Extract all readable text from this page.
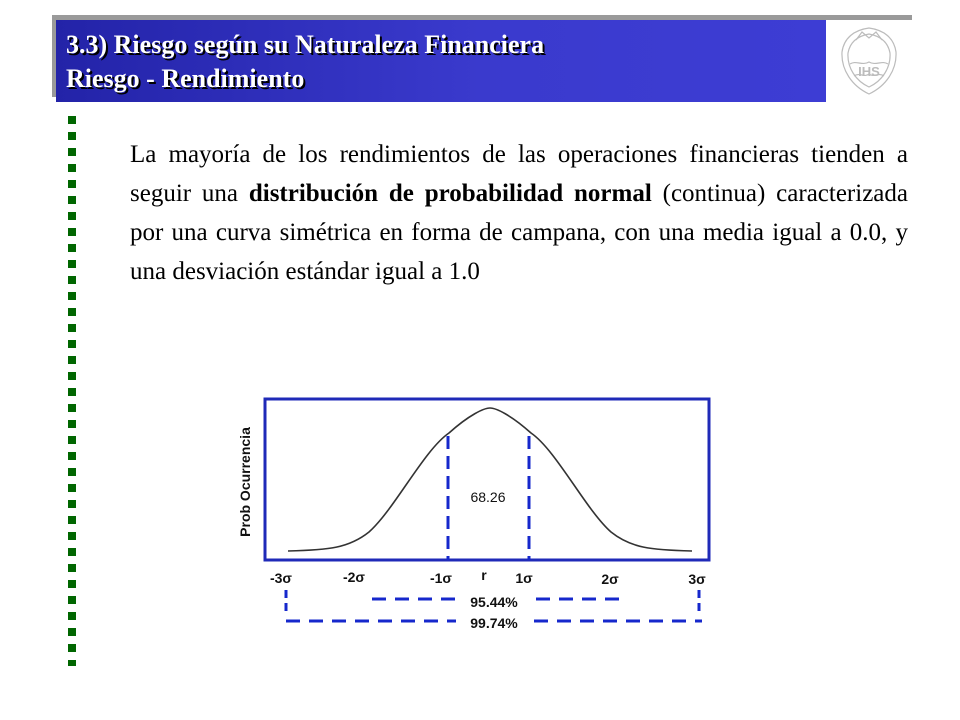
3.3) Riesgo según su Naturaleza Financiera
Riesgo - Rendimiento	IHS
La mayoría de los rendimientos de las operaciones financieras tienden a seguir una distribución de probabilidad normal (continua) caracterizada por una curva simétrica en forma de campana, con una media igual a 0.0, y una desviación estándar igual a 1.0
Prob Ocurrencia	68.26
-3σ	-2σ	-1σ r 1σ	2σ	3σ
95.44%
99.74%
